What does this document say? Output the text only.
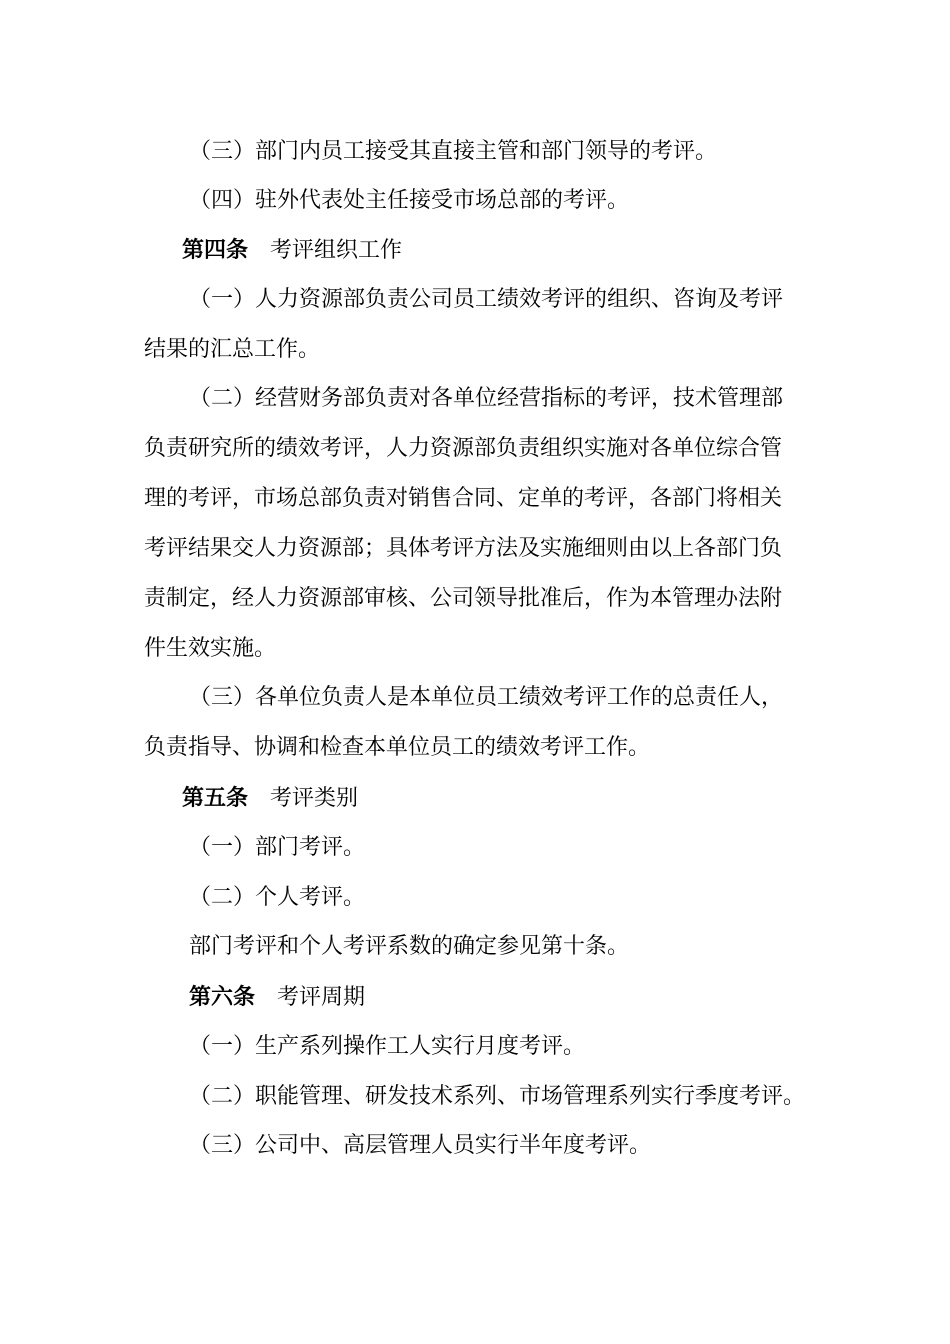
（三）部门内员工接受其直接主管和部门领导的考评。
（四）驻外代表处主任接受市场总部的考评。
第四条 考评组织工作
（一）人力资源部负责公司员工绩效考评的组织、咨询及考评
结果的汇总工作。
（二）经营财务部负责对各单位经营指标的考评，技术管理部
负责研究所的绩效考评，人力资源部负责组织实施对各单位综合管
理的考评，市场总部负责对销售合同、定单的考评，各部门将相关
考评结果交人力资源部；具体考评方法及实施细则由以上各部门负
责制定，经人力资源部审核、公司领导批准后，作为本管理办法附
件生效实施。
（三）各单位负责人是本单位员工绩效考评工作的总责任人，
负责指导、协调和检查本单位员工的绩效考评工作。
第五条 考评类别
（一）部门考评。
（二）个人考评。
部门考评和个人考评系数的确定参见第十条。
第六条 考评周期
（一）生产系列操作工人实行月度考评。
（二）职能管理、研发技术系列、市场管理系列实行季度考评。
（三）公司中、高层管理人员实行半年度考评。
